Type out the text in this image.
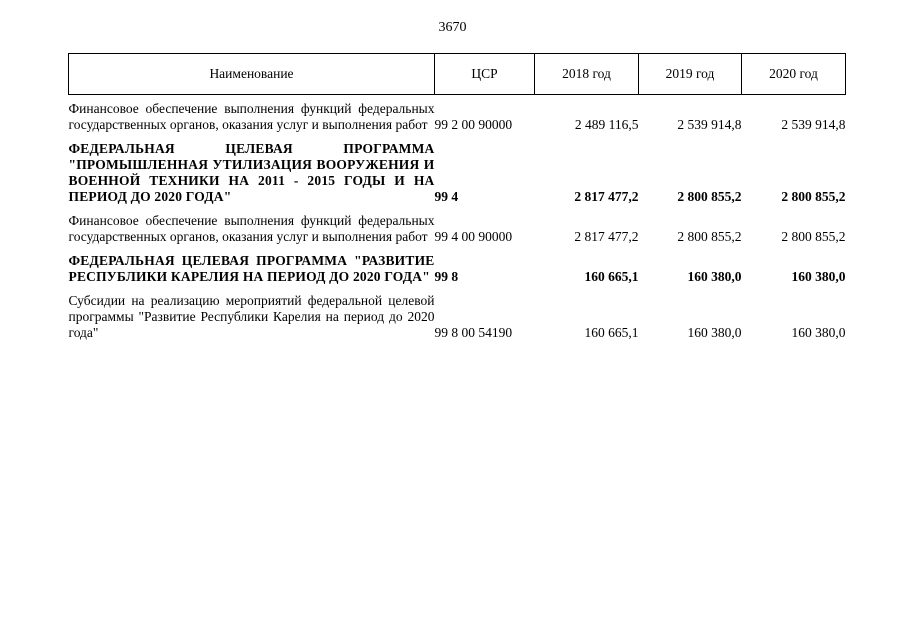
3670
Наименование	ЦСР	2018 год	2019 год	2020 год
Финансовое обеспечение выполнения функций федеральных государственных органов, оказания услуг и выполнения работ	99 2 00 90000	2 489 116,5	2 539 914,8	2 539 914,8
ФЕДЕРАЛЬНАЯ ЦЕЛЕВАЯ ПРОГРАММА "ПРОМЫШЛЕННАЯ УТИЛИЗАЦИЯ ВООРУЖЕНИЯ И ВОЕННОЙ ТЕХНИКИ НА 2011 - 2015 ГОДЫ И НА ПЕРИОД ДО 2020 ГОДА"	99 4	2 817 477,2	2 800 855,2	2 800 855,2
Финансовое обеспечение выполнения функций федеральных государственных органов, оказания услуг и выполнения работ	99 4 00 90000	2 817 477,2	2 800 855,2	2 800 855,2
ФЕДЕРАЛЬНАЯ ЦЕЛЕВАЯ ПРОГРАММА "РАЗВИТИЕ РЕСПУБЛИКИ КАРЕЛИЯ НА ПЕРИОД ДО 2020 ГОДА"	99 8	160 665,1	160 380,0	160 380,0
Субсидии на реализацию мероприятий федеральной целевой программы "Развитие Республики Карелия на период до 2020 года"	99 8 00 54190	160 665,1	160 380,0	160 380,0
